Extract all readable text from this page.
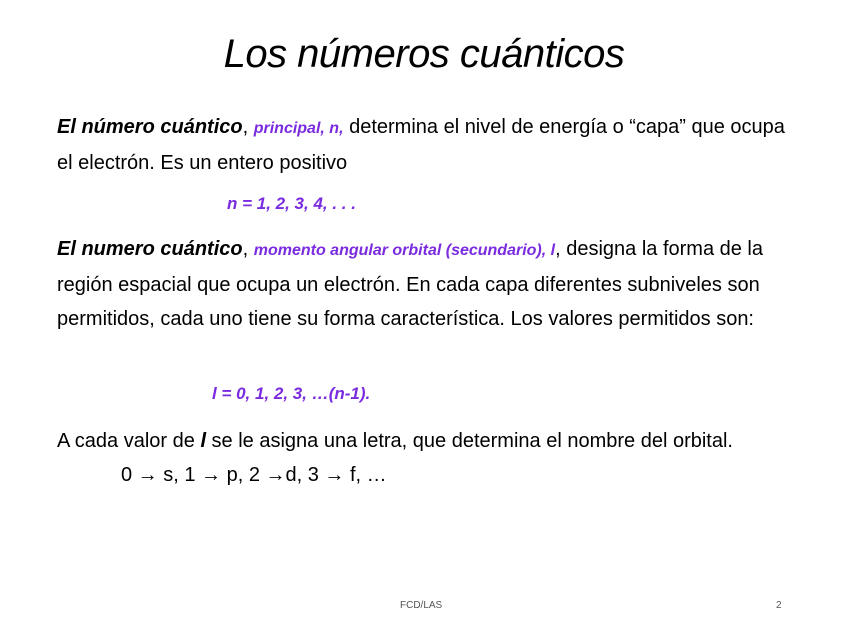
Los números cuánticos

El número cuántico, principal, n, determina el nivel de energía o “capa” que ocupa el electrón. Es un entero positivo

n = 1, 2, 3, 4, . . .

El numero cuántico, momento angular orbital (secundario), l, designa la forma de la región espacial que ocupa un electrón. En cada capa diferentes subniveles son permitidos, cada uno tiene su forma característica. Los valores permitidos son:

l = 0, 1, 2, 3, …(n-1).

A cada valor de l se le asigna una letra, que determina el nombre del orbital.0 → s, 1 → p, 2 →d, 3 → f, …

FCD/LAS	2
